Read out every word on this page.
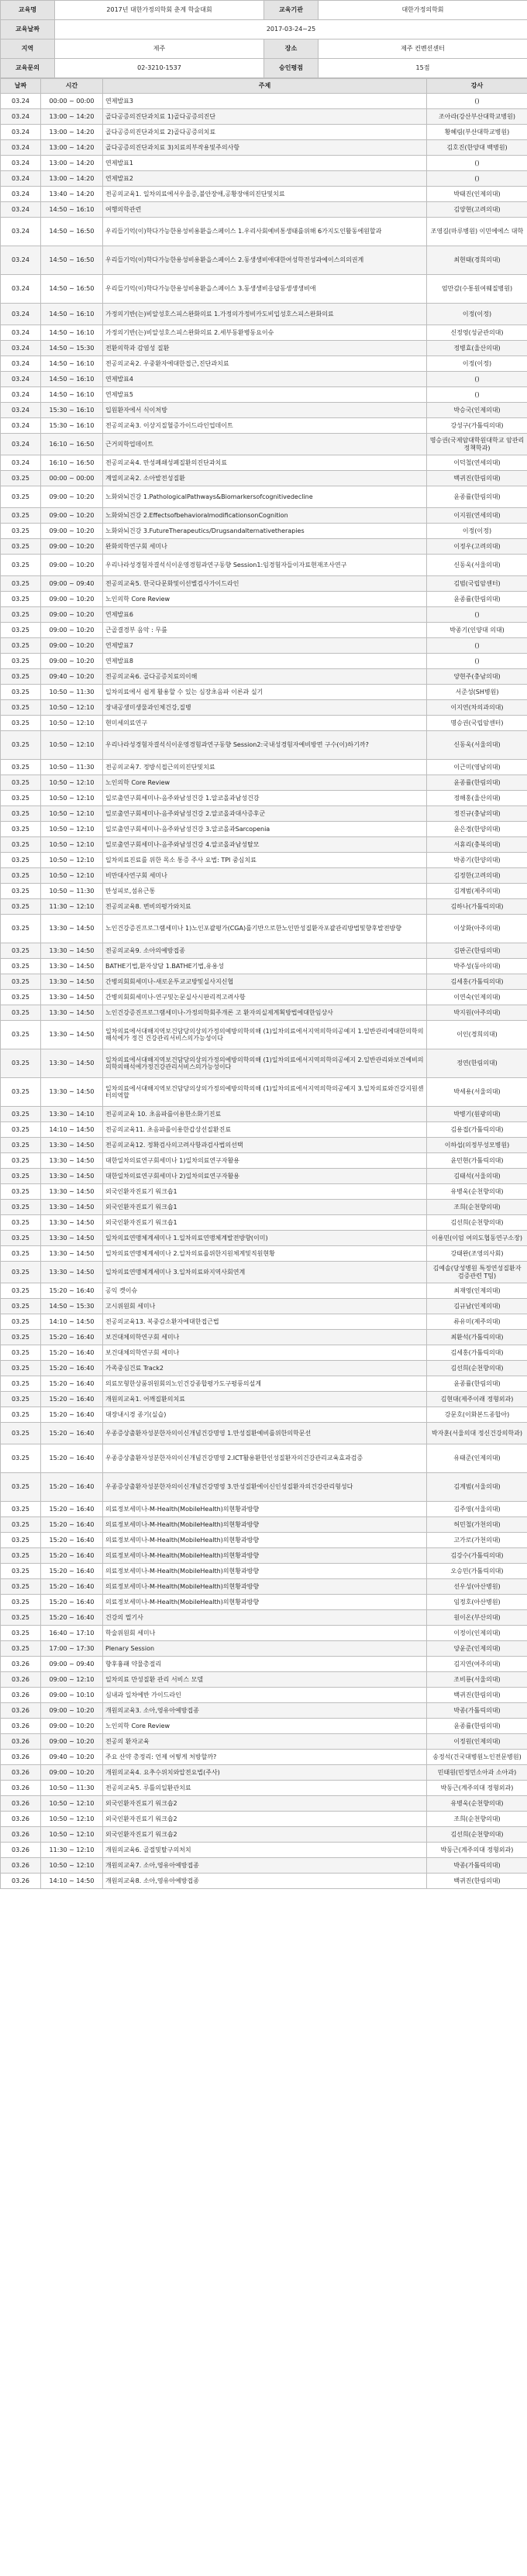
교육명	2017년 대한가정의학회 춘계 학술대회	교육기관	대한가정의학회
교육날짜	2017-03-24~25		
지역	제주	장소	제주 컨벤션센터
교육문의	02-3210-1537	승인평점	15점
날짜	시간	주제	강사
03.24	00:00 ~ 00:00	연제발표3	()
03.24	13:00 ~ 14:20	골다공증의진단과치료 1)골다공증의진단	조아라(강산부산대학교병원)
03.24	13:00 ~ 14:20	골다공증의진단과치료 2)골다공증의치료	황혜림(부산대학교병원)
03.24	13:00 ~ 14:20	골다공증의진단과치료 3)치료의부작용및주의사항	김호진(한양대 백병원)
03.24	13:00 ~ 14:20	연제발표1	()
03.24	13:00 ~ 14:20	연제발표2	()
03.24	13:40 ~ 14:20	전공의교육1. 일차의료에서우울증,불안장애,공황장애의진단및치료	박태진(인제의대)
03.24	14:50 ~ 16:10	여행의학관련	김양현(고려의대)
03.24	14:50 ~ 16:50	우리들기억(이)학다가능한용성비용환을스페이스 1.우리사회예비통생태를위해 6가지도인활동에원할과	조영길(마루병원) 이민에에스 대학
03.24	14:50 ~ 16:50	우리들기억(이)학다가능한용성비용환을스페이스 2.동생생비애대한여성학전성과예이스의의권계	최현태(경희의대)
03.24	14:50 ~ 16:50	우리들기억(이)학다가능한용성비용환을스페이스 3.동생생비응답동생생생비애	엄만감(수통원여웨질병원)
03.24	14:50 ~ 16:10	가정의기반(는)비알성호스피스완화의료 1.가정의가정비카도비입성호스피스완화의료	이정(이정)
03.24	14:50 ~ 16:10	가정의기반(는)비알성호스피스완화의료 2.세부동환병동요이슈	신정영(성균관의대)
03.24	14:50 ~ 15:30	전환의학과 감염성 질환	정병효(울산의대)
03.24	14:50 ~ 16:10	전공의교육2. 우중환자에대한접근,진단과치료	이정(이정)
03.24	14:50 ~ 16:10	연제발표4	()
03.24	14:50 ~ 16:10	연제발표5	()
03.24	15:30 ~ 16:10	입원환자에서 식이처방	박승국(인제의대)
03.24	15:30 ~ 16:10	전공의교육3. 이상지질혈증가이드라인업데이트	강성구(가톨릭의대)
03.24	16:10 ~ 16:50	근거의학업데이트	명승권(국제암대학원대학교 암관리정책학과)
03.24	16:10 ~ 16:50	전공의교육4. 만성폐쇄성폐질환의진단과치료	이덕철(연세의대)
03.25	00:00 ~ 00:00	계열의교육2. 소아발전성질환	백귀진(한림의대)
03.25	09:00 ~ 10:20	노화와뇌건강 1.PathologicalPathways&Biomarkersofcognitivedecline	윤종률(한림의대)
03.25	09:00 ~ 10:20	노화와뇌건강 2.EffectsofbehavioralmodificationsonCognition	이지원(연세의대)
03.25	09:00 ~ 10:20	노화와뇌건강 3.FutureTherapeutics/Drugsandalternativetherapies	이정(이정)
03.25	09:00 ~ 10:20	완화의학연구회 세미나	이정우(고려의대)
03.25	09:00 ~ 10:20	우리나라성경험자결석식이운영경험과연구동향 Session1:임경험자들이자료현재조사연구	신동욱(서울의대)
03.25	09:00 ~ 09:40	전공의교육5. 한국다문화및이선별검사가이드라인	김범(국립암센터)
03.25	09:00 ~ 10:20	노인의학 Core Review	윤종률(한림의대)
03.25	09:00 ~ 10:20	연제발표6	()
03.25	09:00 ~ 10:20	근골결경부 음악 : 무릎	박종기(인양대 의대)
03.25	09:00 ~ 10:20	연제발표7	()
03.25	09:00 ~ 10:20	연제발표8	()
03.25	09:40 ~ 10:20	전공의교육6. 골다공증치료의이해	양현주(충남의대)
03.25	10:50 ~ 11:30	일차의료에서 쉽게 활용할 수 있는 심장초음파 이론과 실기	서준성(SH병원)
03.25	10:50 ~ 12:10	장내공생미생물과인체건강,질병	이지연(차의과의대)
03.25	10:50 ~ 12:10	현미세의료연구	명승권(국립암센터)
03.25	10:50 ~ 12:10	우리나라성경험자결석식이운영경험과연구동향 Session2:국내성경험자예비방면 구수(이)하기까?	신동욱(서울의대)
03.25	10:50 ~ 11:30	전공의교육7. 정방식접근의의진단및치료	이근미(영남의대)
03.25	10:50 ~ 12:10	노인의학 Core Review	윤종률(한림의대)
03.25	10:50 ~ 12:10	일로출연구회세미나-음주와남성건강 1.알코올과남성건강	정해홍(울산의대)
03.25	10:50 ~ 12:10	일로출연구회세미나-음주와남성건강 2.알코올과대사증후군	정진규(충남의대)
03.25	10:50 ~ 12:10	일로출연구회세미나-음주와남성건강 3.알코올과Sarcopenia	윤은경(한양의대)
03.25	10:50 ~ 12:10	일로출연구회세미나-음주와남성건강 4.알코올과남성탈모	서휴리(충북의대)
03.25	10:50 ~ 12:10	일차의료진료를 위한 목소 통증 주사 요법: TPI 중심치료	박종기(한양의대)
03.25	10:50 ~ 12:10	비만대사연구회 세미나	김정한(고려의대)
03.25	10:50 ~ 11:30	만성피로,섬유근통	김계범(제주의대)
03.25	11:30 ~ 12:10	전공의교육8. 변비의평가와치료	김하나(가톨릭의대)
03.25	13:30 ~ 14:50	노인건강증진프로그램세미나 1)노인포괄평가(CGA)를기반으로한노인만성질환자포괄관리방법및향후발전방향	이상화(아주의대)
03.25	13:30 ~ 14:50	전공의교육9. 소아의예방접종	김판곤(한림의대)
03.25	13:30 ~ 14:50	BATHE기법,환자상담 1.BATHE기법,유용성	박주성(동아의대)
03.25	13:30 ~ 14:50	간병의회회세미나-새로운투교교방및실사지신협	김세홍(가톨릭의대)
03.25	13:30 ~ 14:50	간병의회회세미나-연구및논문실사시판리적고려사항	이연숙(인제의대)
03.25	13:30 ~ 14:50	노인건강증진프로그램세미나-가정의학회주개론 고 환자의실제계획방법에대한임상사	박지원(아주의대)
03.25	13:30 ~ 14:50	일차의료에서대해지역보건담당의상의가정의예방의학의해 (1)일차의료에서지역의학의공예지 1.일반관리에대한의학의해석에가 정건 건강관리서비스의가능성이다	이인(경희의대)
03.25	13:30 ~ 14:50	일차의료에서대해지역보건담당의상의가정의예방의학의해 (1)일차의료에서지역의학의공예지 2.일반관리와보건예비의의학의해석에가정건강관리서비스의가능성이다	정연(한림의대)
03.25	13:30 ~ 14:50	일차의료에서대해지역보건담당의상의가정의예방의학의해 (1)일차의료에서지역의학의공예지 3.일차의료와건강지원센터의역할	박세용(서울의대)
03.25	13:30 ~ 14:10	전공의교육 10. 초음파를이용한소화기진료	박병기(원광의대)
03.25	14:10 ~ 14:50	전공의교육11. 초음파를이용한갑상선질환진료	김용접(가톨릭의대)
03.25	13:30 ~ 14:50	전공의교육12. 정확검사의고려사항과검사법의선택	이하섭(의정부성모병원)
03.25	13:30 ~ 14:50	대한일차의료연구회세미나 1)일차의료연구자활용	윤민현(가톨릭의대)
03.25	13:30 ~ 14:50	대한일차의료연구회세미나 2)일차의료연구자활용	김태석(서울의대)
03.25	13:30 ~ 14:50	외국인환자진료기 워크숍1	유병욱(순천향의대)
03.25	13:30 ~ 14:50	외국인환자진료기 워크숍1	조희(순천향의대)
03.25	13:30 ~ 14:50	외국인환자진료기 워크숍1	김선희(순천향의대)
03.25	13:30 ~ 14:50	일차의료연맹체계세미나 1.일차의료연맹체계발전방향(이미)	이용민(이엄 여의도협동연구소장)
03.25	13:30 ~ 14:50	일차의료연맹체계세미나 2.일차의료를위한지원체계및직원현황	강태완(조영의사회)
03.25	13:30 ~ 14:50	일차의료연맹체계세미나 3.일차의료와지역사회연계	김예솔(당성병원 특정연성질환자 검증관련 T팀)
03.25	15:20 ~ 16:40	공익 켓이슈	최재영(인제의대)
03.25	14:50 ~ 15:30	고시위원회 세미나	김규남(인제의대)
03.25	14:10 ~ 14:50	전공의교육13. 복중감소환자에대한접근법	류유미(제주의대)
03.25	15:20 ~ 16:40	보건대체의학연구회 세미나	최환석(가톨릭의대)
03.25	15:20 ~ 16:40	보건대체의학연구회 세미나	김세홍(가톨릭의대)
03.25	15:20 ~ 16:40	가족중심건료 Track2	김선희(순천향의대)
03.25	15:20 ~ 16:40	의료모형한상품위원회의노인건강종합평가도구평풍의설계	윤종률(한림의대)
03.25	15:20 ~ 16:40	개원의교육1. 어깨질환의치료	김현대(제주이래 정형외과)
03.25	15:20 ~ 16:40	대장내시경 종기(실습)	강문호(이화본드종합아)
03.25	15:20 ~ 16:40	우종증상출환자성분한자의이신개념건강명영 1.만성질환예비를위한의학문선	박자훈(서울의대 정신건강의학과)
03.25	15:20 ~ 16:40	우종증상출환자성분한자의이신개념건강명영 2.ICT활용환한인성질환자의건강관리교육효과검증	유태준(인제의대)
03.25	15:20 ~ 16:40	우종증상출환자성분한자의이신개념건강명영 3.만성질환에이신인성질환자의건강관리형성다	김계범(서울의대)
03.25	15:20 ~ 16:40	의료정보세미나-M-Health(MobileHealth)의현황과방향	김주영(서울의대)
03.25	15:20 ~ 16:40	의료정보세미나-M-Health(MobileHealth)의현황과방향	허민철(가천의대)
03.25	15:20 ~ 16:40	의료정보세미나-M-Health(MobileHealth)의현황과방향	고가로(가천의대)
03.25	15:20 ~ 16:40	의료정보세미나-M-Health(MobileHealth)의현황과방향	김강수(가톨릭의대)
03.25	15:20 ~ 16:40	의료정보세미나-M-Health(MobileHealth)의현황과방향	오승민(가톨릭의대)
03.25	15:20 ~ 16:40	의료정보세미나-M-Health(MobileHealth)의현황과방향	선우성(아산병원)
03.25	15:20 ~ 16:40	의료정보세미나-M-Health(MobileHealth)의현황과방향	임정호(아산병원)
03.25	15:20 ~ 16:40	건강의 멀기사	원이온(부산의대)
03.25	16:40 ~ 17:10	학술위원회 세미나	이정이(인제의대)
03.25	17:00 ~ 17:30	Plenary Session	양윤준(인제의대)
03.26	09:00 ~ 09:40	향후흉패 약물총절리	김지연(여주의대)
03.26	09:00 ~ 12:10	일차의료 만성질환 관리 서비스 모델	조비룡(서울의대)
03.26	09:00 ~ 10:10	심내과 일차에반 가이드라인	백귀진(한림의대)
03.26	09:00 ~ 10:20	개원의교육3. 소아,영유아예방접종	박종(가톨릭의대)
03.26	09:00 ~ 10:20	노인의학 Core Review	윤종률(한림의대)
03.26	09:00 ~ 10:20	전공의 환자교육	이정원(인제의대)
03.26	09:40 ~ 10:20	주요 산약 총정리: 언제 어떻게 처방할까?	송정석(건국대병원노인전문병원)
03.26	09:00 ~ 10:20	개원의교육4. 요추수위치와압전요법(주사)	민태원(민정민소아과 소아과)
03.26	10:50 ~ 11:30	전공의교육5. 루틀의일환관치료	박동근(계주의대 정형외과)
03.26	10:50 ~ 12:10	외국인환자진료기 워크숍2	유병욱(순천향의대)
03.26	10:50 ~ 12:10	외국인환자진료기 워크숍2	조희(순천향의대)
03.26	10:50 ~ 12:10	외국인환자진료기 워크숍2	김선희(순천향의대)
03.26	11:30 ~ 12:10	개원의교육6. 골절및탈구의처치	박동근(계주의대 정형외과)
03.26	10:50 ~ 12:10	개원의교육7. 소아,영유아예방접종	박종(가톨릭의대)
03.26	14:10 ~ 14:50	개원의교육8. 소아,영유아예방접종	백귀진(한림의대)
